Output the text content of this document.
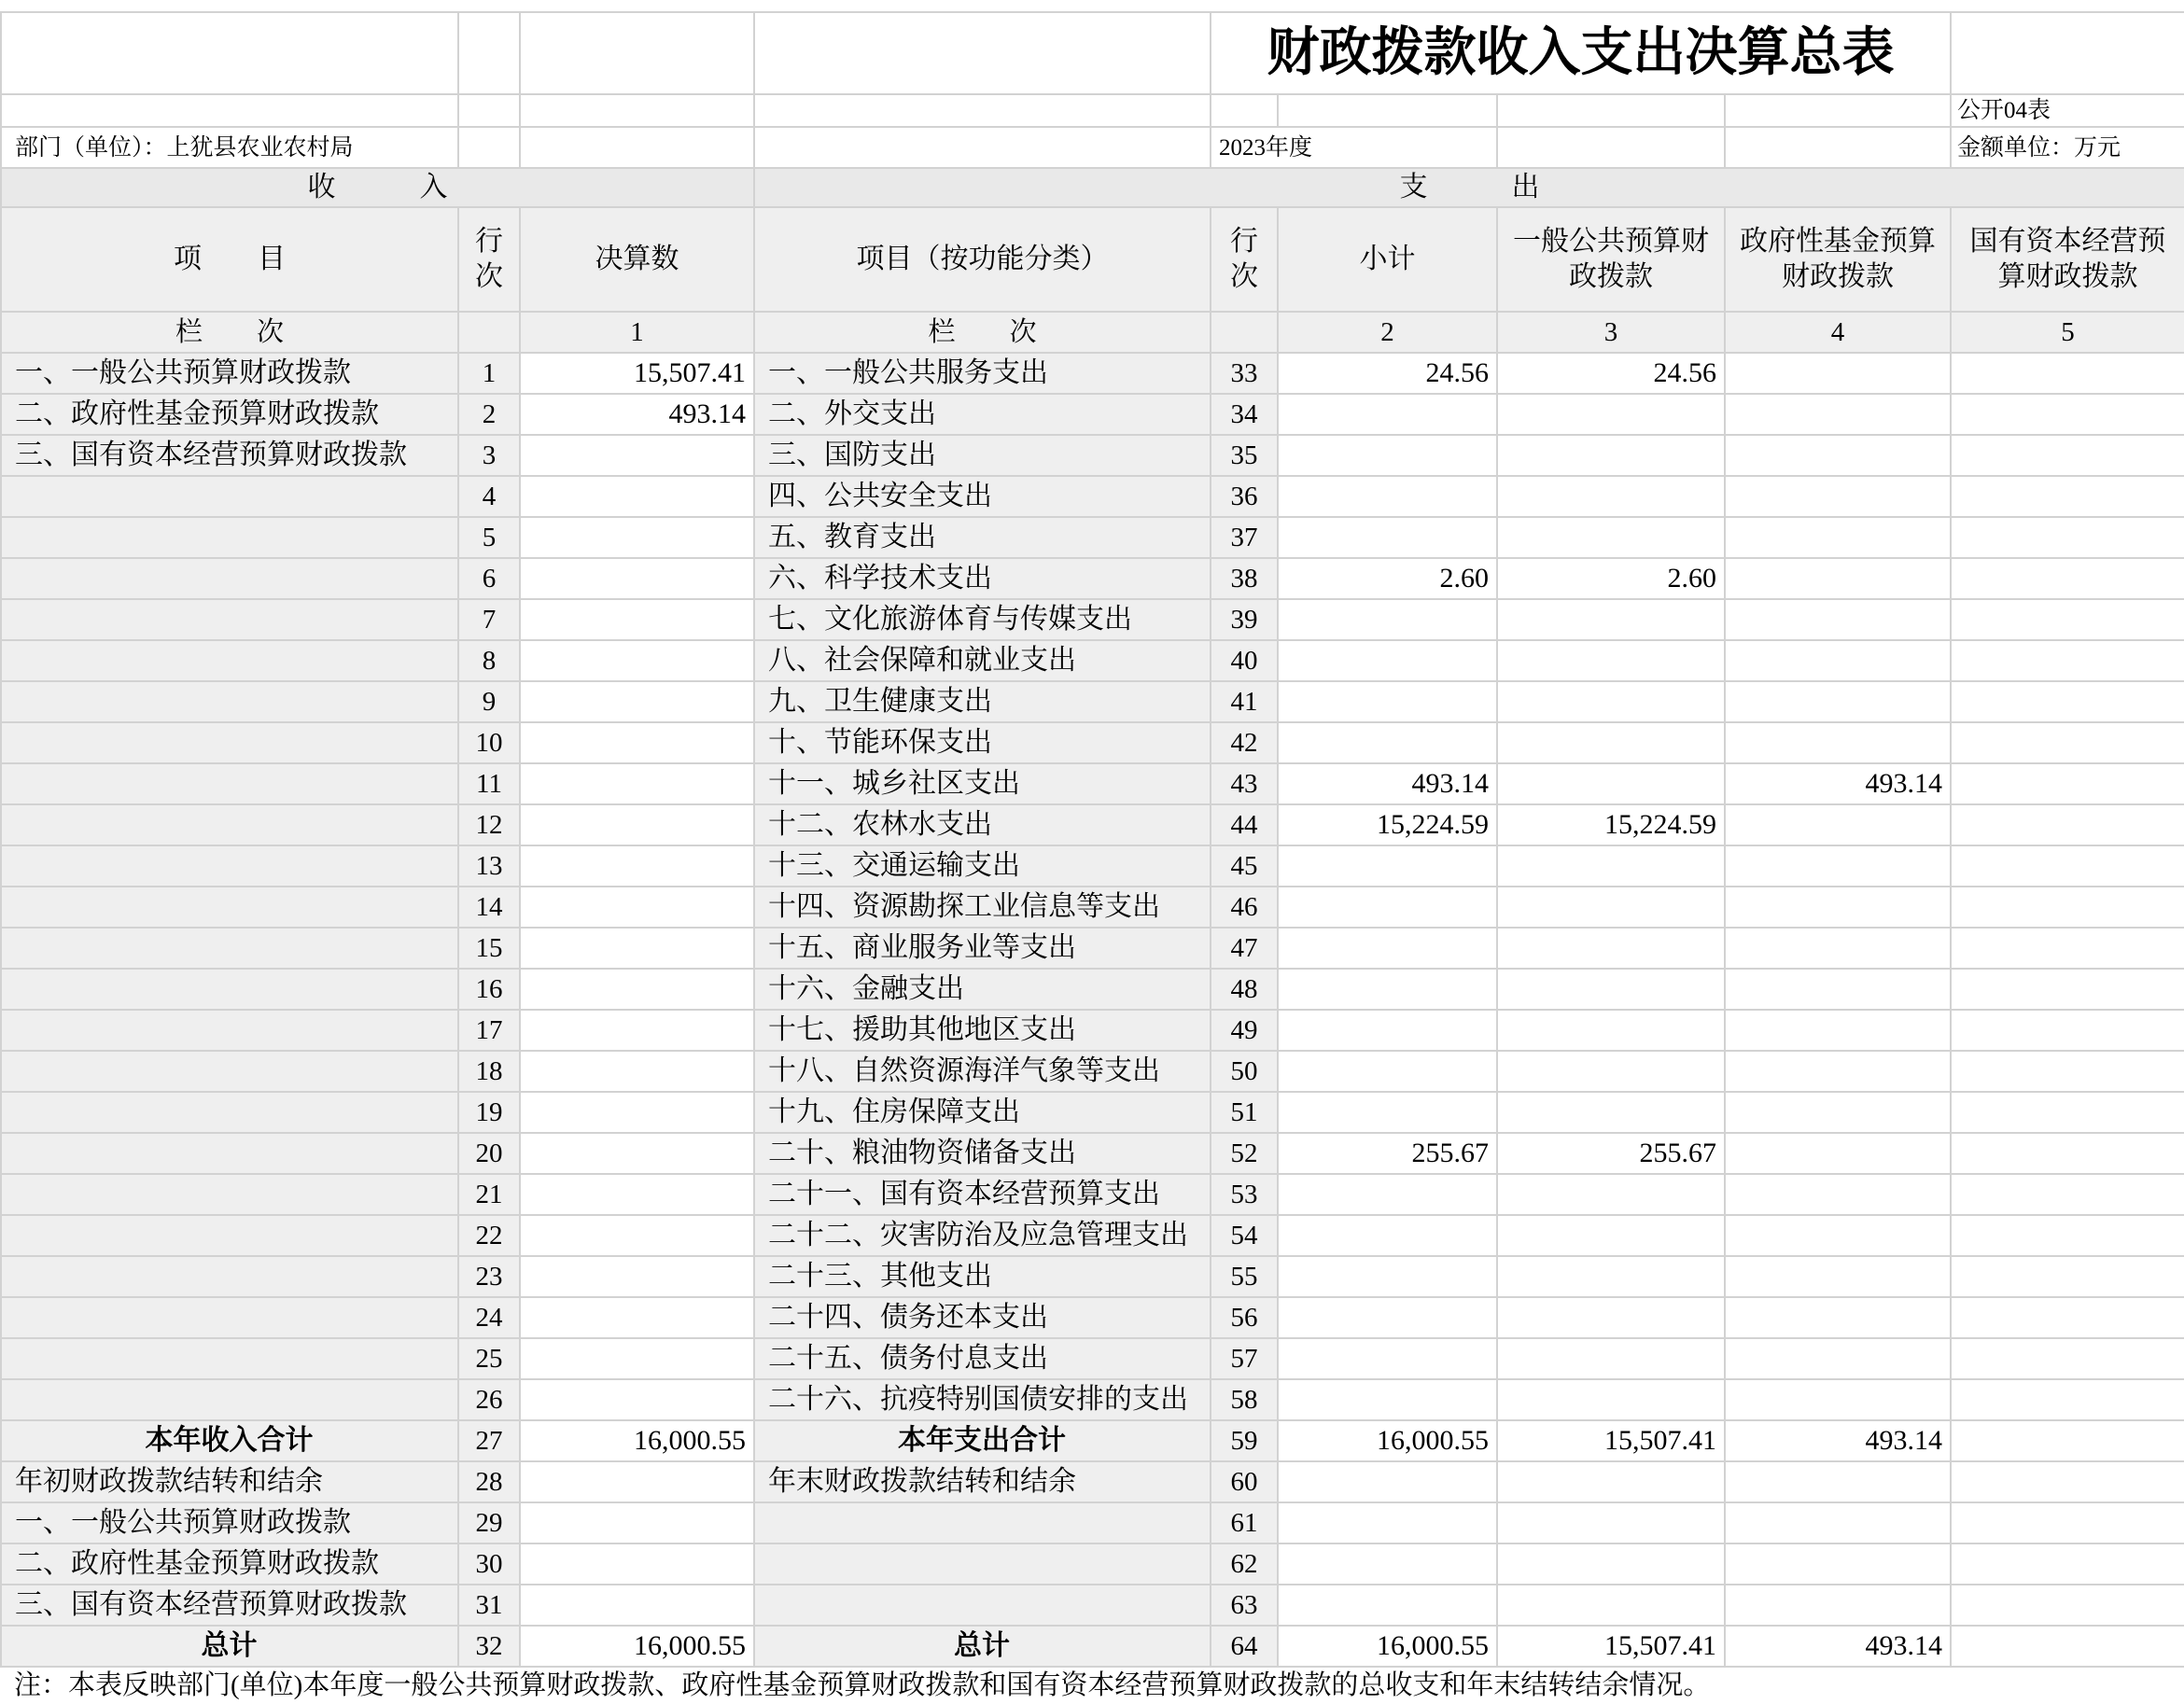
				财政拨款收入支出决算总表				
								公开04表
部门（单位）：上犹县农业农村局				2023年度				金额单位：万元
收　　　入			支　　　出					
项　　目	行次	决算数	项目（按功能分类）	行次	小计	一般公共预算财政拨款	政府性基金预算财政拨款	国有资本经营预算财政拨款
栏　　次		1	栏　　次		2	3	4	5
一、一般公共预算财政拨款	1	15,507.41	一、一般公共服务支出	33	24.56	24.56		
二、政府性基金预算财政拨款	2	493.14	二、外交支出	34				
三、国有资本经营预算财政拨款	3		三、国防支出	35				
	4		四、公共安全支出	36				
	5		五、教育支出	37				
	6		六、科学技术支出	38	2.60	2.60		
	7		七、文化旅游体育与传媒支出	39				
	8		八、社会保障和就业支出	40				
	9		九、卫生健康支出	41				
	10		十、节能环保支出	42				
	11		十一、城乡社区支出	43	493.14		493.14	
	12		十二、农林水支出	44	15,224.59	15,224.59		
	13		十三、交通运输支出	45				
	14		十四、资源勘探工业信息等支出	46				
	15		十五、商业服务业等支出	47				
	16		十六、金融支出	48				
	17		十七、援助其他地区支出	49				
	18		十八、自然资源海洋气象等支出	50				
	19		十九、住房保障支出	51				
	20		二十、粮油物资储备支出	52	255.67	255.67		
	21		二十一、国有资本经营预算支出	53				
	22		二十二、灾害防治及应急管理支出	54				
	23		二十三、其他支出	55				
	24		二十四、债务还本支出	56				
	25		二十五、债务付息支出	57				
	26		二十六、抗疫特别国债安排的支出	58				
本年收入合计	27	16,000.55	本年支出合计	59	16,000.55	15,507.41	493.14	
年初财政拨款结转和结余	28		年末财政拨款结转和结余	60				
一、一般公共预算财政拨款	29			61				
二、政府性基金预算财政拨款	30			62				
三、国有资本经营预算财政拨款	31			63				
总计	32	16,000.55	总计	64	16,000.55	15,507.41	493.14	
注：本表反映部门(单位)本年度一般公共预算财政拨款、政府性基金预算财政拨款和国有资本经营预算财政拨款的总收支和年末结转结余情况。								
